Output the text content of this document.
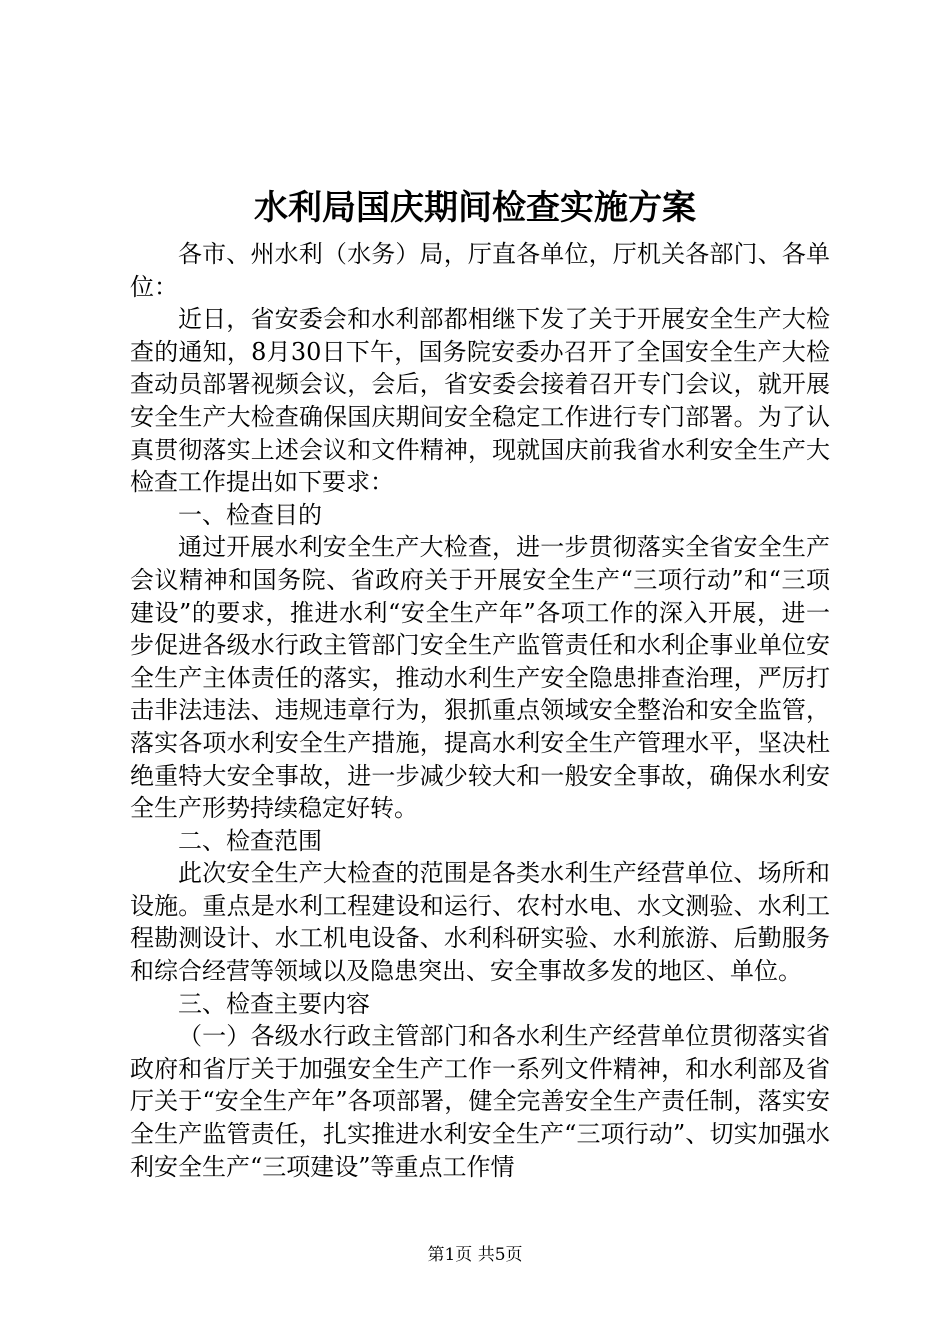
水利局国庆期间检查实施方案

各市、州水利（水务）局，厅直各单位，厅机关各部门、各单位：

近日，省安委会和水利部都相继下发了关于开展安全生产大检查的通知，8月30日下午，国务院安委办召开了全国安全生产大检查动员部署视频会议，会后，省安委会接着召开专门会议，就开展安全生产大检查确保国庆期间安全稳定工作进行专门部署。为了认真贯彻落实上述会议和文件精神，现就国庆前我省水利安全生产大检查工作提出如下要求：

一、检查目的

通过开展水利安全生产大检查，进一步贯彻落实全省安全生产会议精神和国务院、省政府关于开展安全生产“三项行动”和“三项建设”的要求，推进水利“安全生产年”各项工作的深入开展，进一步促进各级水行政主管部门安全生产监管责任和水利企事业单位安全生产主体责任的落实，推动水利生产安全隐患排查治理，严厉打击非法违法、违规违章行为，狠抓重点领域安全整治和安全监管，落实各项水利安全生产措施，提高水利安全生产管理水平，坚决杜绝重特大安全事故，进一步减少较大和一般安全事故，确保水利安全生产形势持续稳定好转。

二、检查范围

此次安全生产大检查的范围是各类水利生产经营单位、场所和设施。重点是水利工程建设和运行、农村水电、水文测验、水利工程勘测设计、水工机电设备、水利科研实验、水利旅游、后勤服务和综合经营等领域以及隐患突出、安全事故多发的地区、单位。

三、检查主要内容

（一）各级水行政主管部门和各水利生产经营单位贯彻落实省政府和省厅关于加强安全生产工作一系列文件精神，和水利部及省厅关于“安全生产年”各项部署，健全完善安全生产责任制，落实安全生产监管责任，扎实推进水利安全生产“三项行动”、切实加强水利安全生产“三项建设”等重点工作情

第1页 共5页
